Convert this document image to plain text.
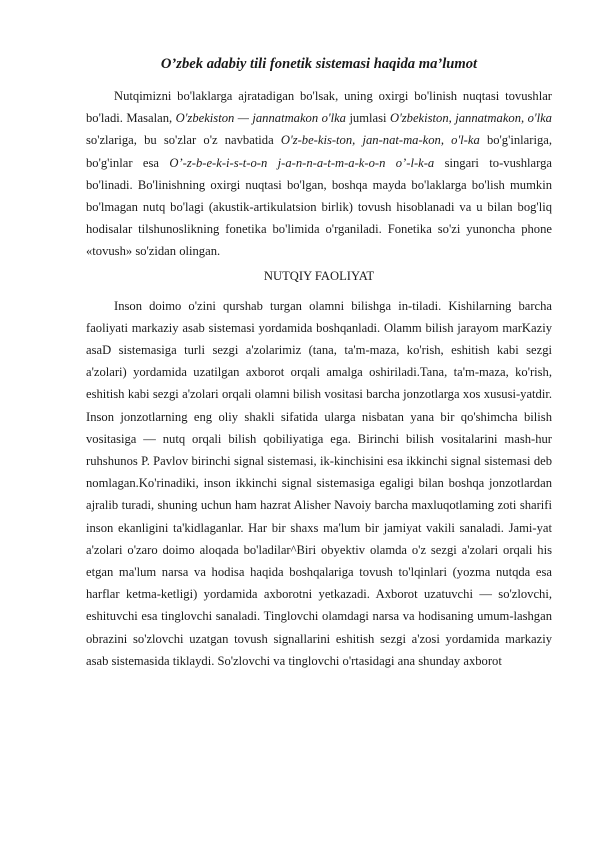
O’zbek adabiy tili fonetik sistemasi haqida ma’lumot

Nutqimizni bo'laklarga ajratadigan bo'lsak, uning oxirgi bo'linish nuqtasi tovushlar bo'ladi. Masalan, O'zbekiston — jannatmakon o'lka jumlasi O'zbekiston, jannatmakon, o'lka so'zlariga, bu so'zlar o'z navbatida O'z-be-kis-ton, jan-nat-ma-kon, o'l-ka bo'g'inlariga, bo'g'inlar esa O’-z-b-e-k-i-s-t-o-n j-a-n-n-a-t-m-a-k-o-n o’-l-k-a singari to-vushlarga bo'linadi. Bo'linishning oxirgi nuqtasi bo'lgan, boshqa mayda bo'laklarga bo'lish mumkin bo'lmagan nutq bo'lagi (akustik-artikulatsion birlik) tovush hisoblanadi va u bilan bog'liq hodisalar tilshunoslikning fonetika bo'limida o'rganiladi. Fonetika so'zi yunoncha phone «tovush» so'zidan olingan.

NUTQIY FAOLIYAT

Inson doimo o'zini qurshab turgan olamni bilishga in-tiladi. Kishilarning barcha faoliyati markaziy asab sistemasi yordamida boshqanladi. Olamm bilish jarayom marKaziy asaD sistemasiga turli sezgi a'zolarimiz (tana, ta'm-maza, ko'rish, eshitish kabi sezgi a'zolari) yordamida uzatilgan axborot orqali amalga oshiriladi.Tana, ta'm-maza, ko'rish, eshitish kabi sezgi a'zolari orqali olamni bilish vositasi barcha jonzotlarga xos xususi-yatdir. Inson jonzotlarning eng oliy shakli sifatida ularga nisbatan yana bir qo'shimcha bilish vositasiga — nutq orqali bilish qobiliyatiga ega. Birinchi bilish vositalarini mash-hur ruhshunos P. Pavlov birinchi signal sistemasi, ik-kinchisini esa ikkinchi signal sistemasi deb nomlagan.Ko'rinadiki, inson ikkinchi signal sistemasiga egaligi bilan boshqa jonzotlardan ajralib turadi, shuning uchun ham hazrat Alisher Navoiy barcha maxluqotlaming zoti sharifi inson ekanligini ta'kidlaganlar. Har bir shaxs ma'lum bir jamiyat vakili sanaladi. Jami-yat a'zolari o'zaro doimo aloqada bo'ladilar^Biri obyektiv olamda o'z sezgi a'zolari orqali his etgan ma'lum narsa va hodisa haqida boshqalariga tovush to'lqinlari (yozma nutqda esa harflar ketma-ketligi) yordamida axborotni yetkazadi. Axborot uzatuvchi — so'zlovchi, eshituvchi esa tinglovchi sanaladi. Tinglovchi olamdagi narsa va hodisaning umum-lashgan obrazini so'zlovchi uzatgan tovush signallarini eshitish sezgi a'zosi yordamida markaziy asab sistemasida tiklaydi. So'zlovchi va tinglovchi o'rtasidagi ana shunday axborot
